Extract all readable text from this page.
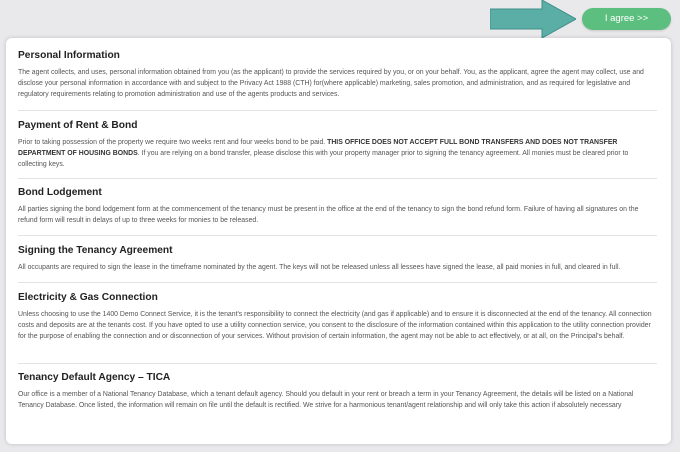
I agree >>
Personal Information

The agent collects, and uses, personal information obtained from you (as the applicant) to provide the services required by you, or on your behalf. You, as the applicant, agree the agent may collect, use and disclose your personal information in accordance with and subject to the Privacy Act 1988 (CTH) for(where applicable) marketing, sales promotion, and administration, and as required for legislative and regulatory requirements relating to promotion administration and use of the agents products and services.

Payment of Rent & Bond

Prior to taking possession of the property we require two weeks rent and four weeks bond to be paid. THIS OFFICE DOES NOT ACCEPT FULL BOND TRANSFERS AND DOES NOT TRANSFER DEPARTMENT OF HOUSING BONDS. If you are relying on a bond transfer, please disclose this with your property manager prior to signing the tenancy agreement. All monies must be cleared prior to collecting keys.

Bond Lodgement

All parties signing the bond lodgement form at the commencement of the tenancy must be present in the office at the end of the tenancy to sign the bond refund form. Failure of having all signatures on the refund form will result in delays of up to three weeks for monies to be released.

Signing the Tenancy Agreement

All occupants are required to sign the lease in the timeframe nominated by the agent. The keys will not be released unless all lessees have signed the lease, all paid monies in full, and cleared in full.

Electricity & Gas Connection

Unless choosing to use the 1400 Demo Connect Service, it is the tenant's responsibility to connect the electricity (and gas if applicable) and to ensure it is disconnected at the end of the tenancy. All connection costs and deposits are at the tenants cost. If you have opted to use a utility connection service, you consent to the disclosure of the information contained within this application to the utility connection provider for the purpose of enabling the connection and or disconnection of your services. Without provision of certain information, the agent may not be able to act effectively, or at all, on the Principal's behalf.

Tenancy Default Agency – TICA

Our office is a member of a National Tenancy Database, which a tenant default agency. Should you default in your rent or breach a term in your Tenancy Agreement, the details will be listed on a National Tenancy Database. Once listed, the information will remain on file until the default is rectified. We strive for a harmonious tenant/agent relationship and will only take this action if absolutely necessary
